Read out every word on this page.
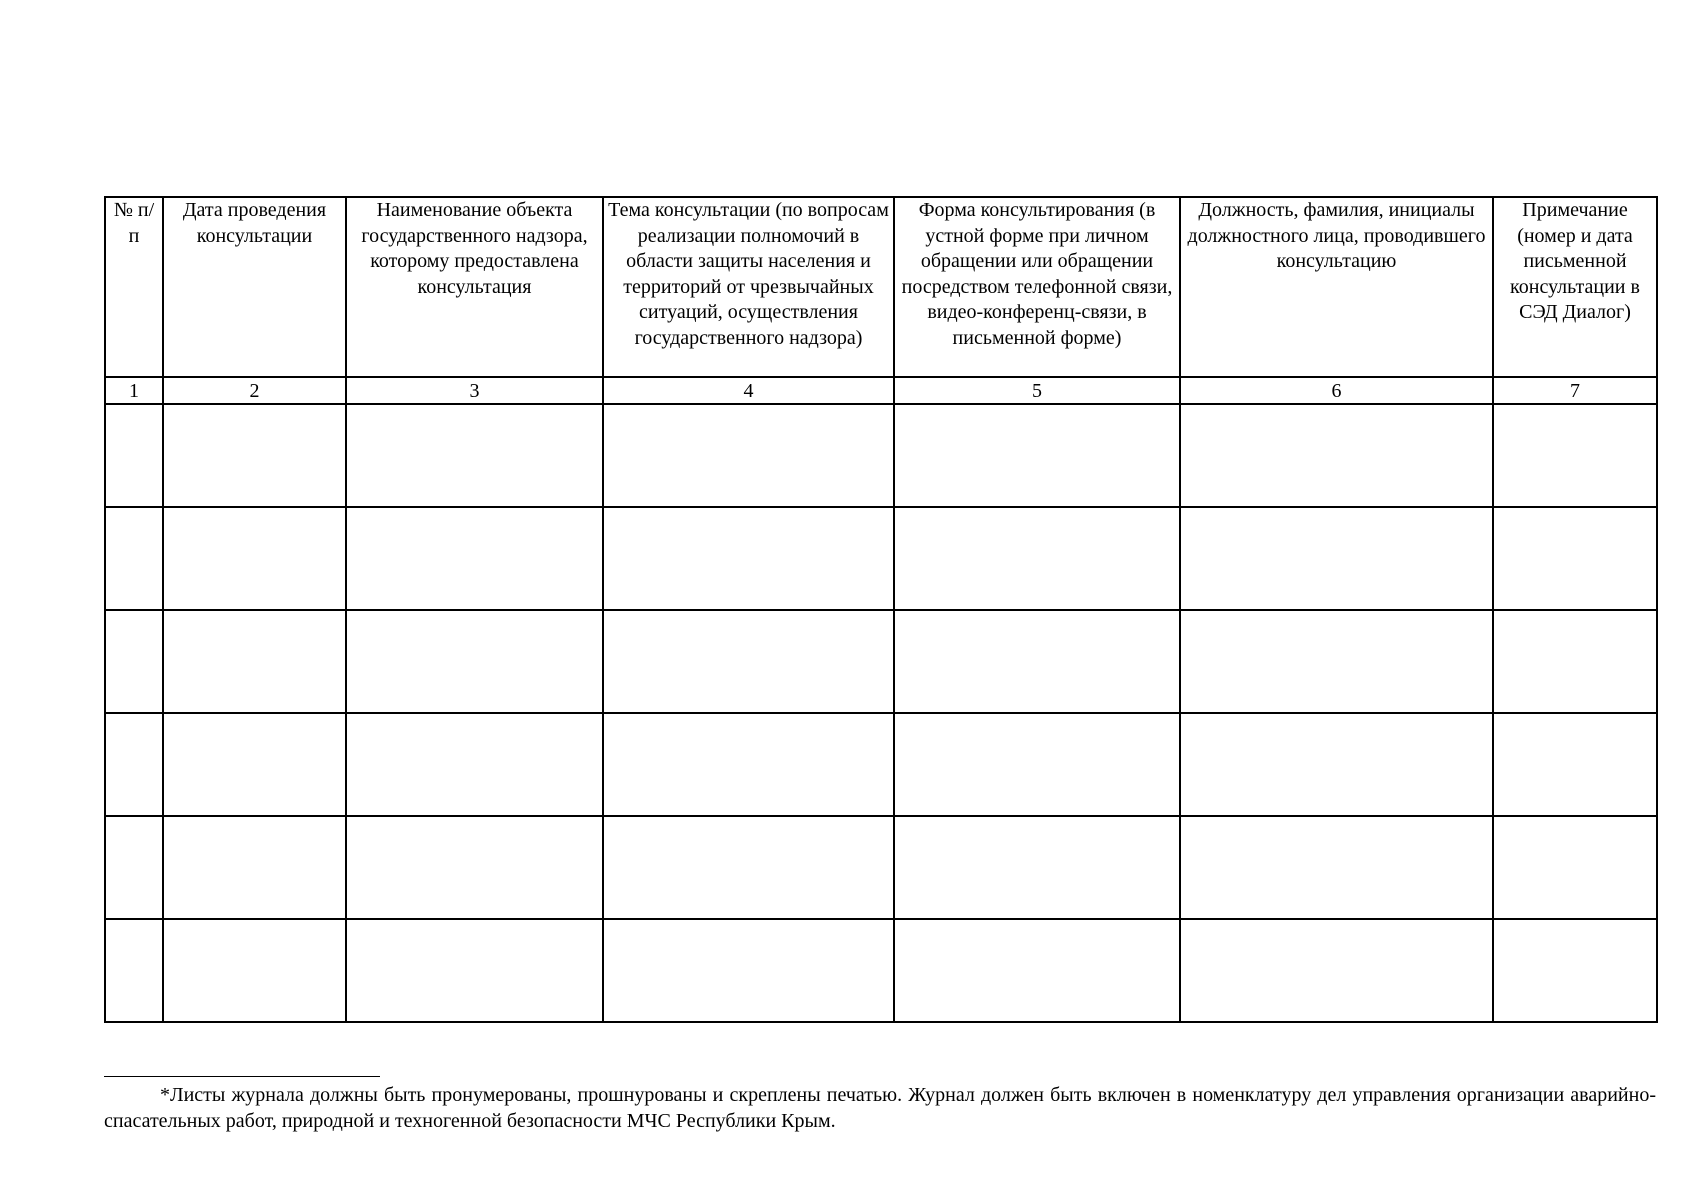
№ п/п	Дата проведения консультации	Наименование объекта государственного надзора, которому предоставлена консультация	Тема консультации (по вопросам реализации полномочий в области защиты населения и территорий от чрезвычайных ситуаций, осуществления государственного надзора)	Форма консультирования (в устной форме при личном обращении или обращении посредством телефонной связи, видео-конференц-связи, в письменной форме)	Должность, фамилия, инициалы должностного лица, проводившего консультацию	Примечание (номер и дата письменной консультации в СЭД Диалог)
1	2	3	4	5	6	7

*Листы журнала должны быть пронумерованы, прошнурованы и скреплены печатью. Журнал должен быть включен в номенклатуру дел управления организации аварийно-спасательных работ, природной и техногенной безопасности МЧС Республики Крым.
